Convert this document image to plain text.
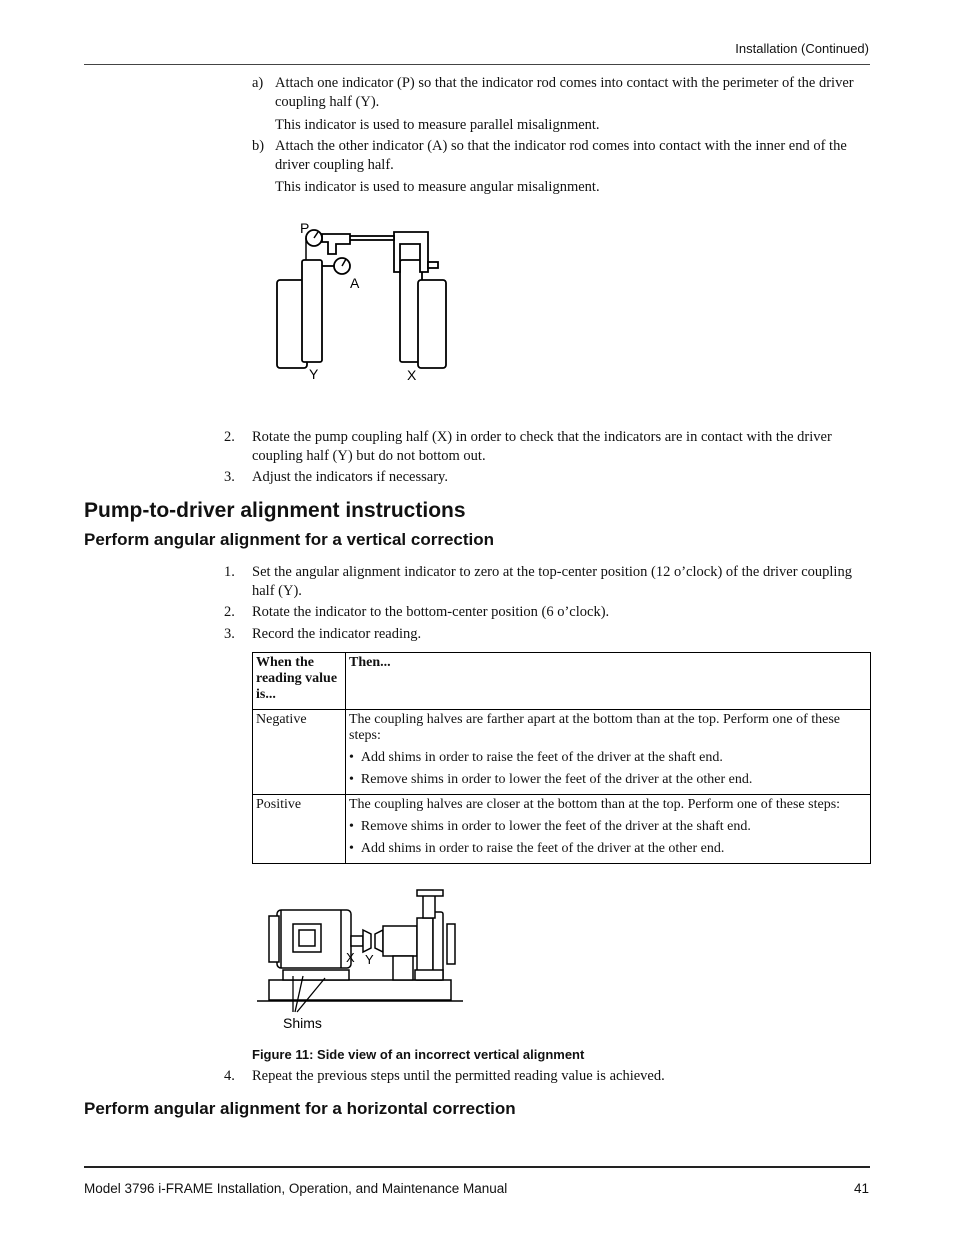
Installation (Continued)
a) Attach one indicator (P) so that the indicator rod comes into contact with the perimeter of the driver coupling half (Y).
This indicator is used to measure parallel misalignment.
b) Attach the other indicator (A) so that the indicator rod comes into contact with the inner end of the driver coupling half.
This indicator is used to measure angular misalignment.
P
A
Y	X
2. Rotate the pump coupling half (X) in order to check that the indicators are in contact with the driver coupling half (Y) but do not bottom out.
3. Adjust the indicators if necessary.
Pump-to-driver alignment instructions
Perform angular alignment for a vertical correction
1. Set the angular alignment indicator to zero at the top-center position (12 o’clock) of the driver coupling half (Y).
2. Rotate the indicator to the bottom-center position (6 o’clock).
3. Record the indicator reading.
When the reading value is...	Then...
Negative	The coupling halves are farther apart at the bottom than at the top. Perform one of these steps:
•  Add shims in order to raise the feet of the driver at the shaft end.
•  Remove shims in order to lower the feet of the driver at the other end.

Positive	The coupling halves are closer at the bottom than at the top. Perform one of these steps:
•  Remove shims in order to lower the feet of the driver at the shaft end.
•  Add shims in order to raise the feet of the driver at the other end.
X Y
Shims
Figure 11: Side view of an incorrect vertical alignment
4. Repeat the previous steps until the permitted reading value is achieved.
Perform angular alignment for a horizontal correction
Model 3796 i-FRAME Installation, Operation, and Maintenance Manual	41
